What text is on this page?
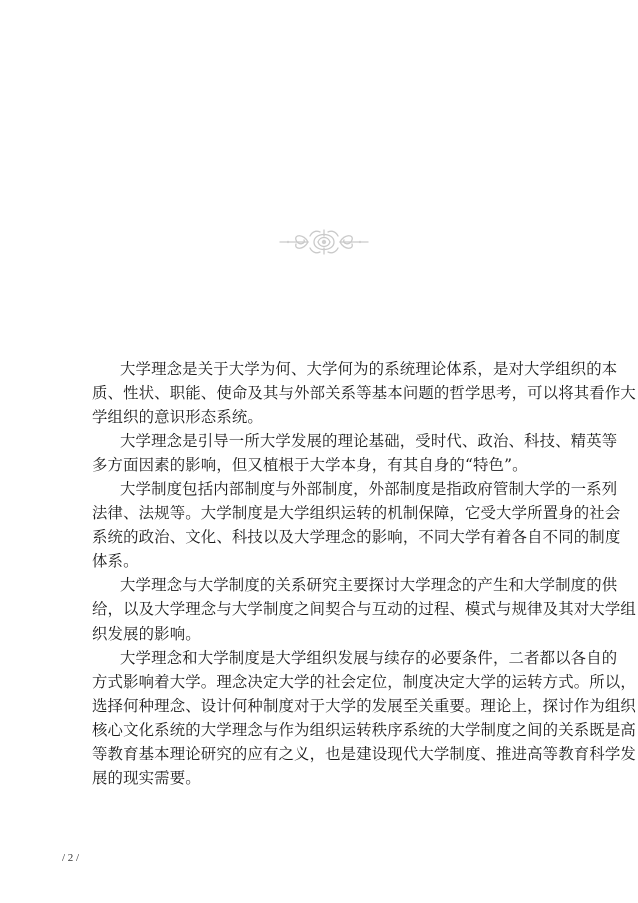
大学理念是关于大学为何、大学何为的系统理论体系，是对大学组织的本
质、性状、职能、使命及其与外部关系等基本问题的哲学思考，可以将其看作大
学组织的意识形态系统。
大学理念是引导一所大学发展的理论基础，受时代、政治、科技、精英等
多方面因素的影响，但又植根于大学本身，有其自身的“特色”。
大学制度包括内部制度与外部制度，外部制度是指政府管制大学的一系列
法律、法规等。大学制度是大学组织运转的机制保障，它受大学所置身的社会
系统的政治、文化、科技以及大学理念的影响，不同大学有着各自不同的制度
体系。
大学理念与大学制度的关系研究主要探讨大学理念的产生和大学制度的供
给，以及大学理念与大学制度之间契合与互动的过程、模式与规律及其对大学组
织发展的影响。
大学理念和大学制度是大学组织发展与续存的必要条件，二者都以各自的
方式影响着大学。理念决定大学的社会定位，制度决定大学的运转方式。所以，
选择何种理念、设计何种制度对于大学的发展至关重要。理论上，探讨作为组织
核心文化系统的大学理念与作为组织运转秩序系统的大学制度之间的关系既是高
等教育基本理论研究的应有之义，也是建设现代大学制度、推进高等教育科学发
展的现实需要。
/ 2 /
